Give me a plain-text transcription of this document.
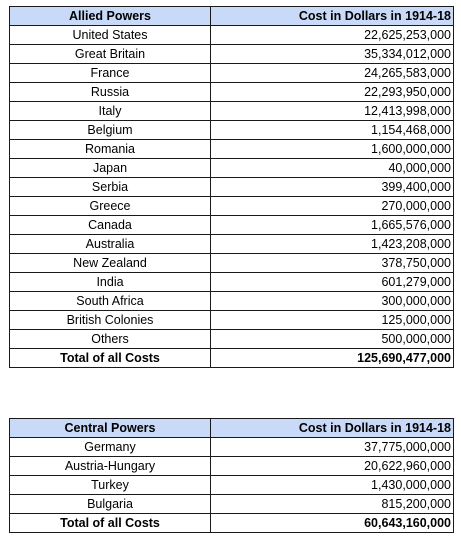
Allied Powers	Cost in Dollars in 1914-18
United States	22,625,253,000
Great Britain	35,334,012,000
France	24,265,583,000
Russia	22,293,950,000
Italy	12,413,998,000
Belgium	1,154,468,000
Romania	1,600,000,000
Japan	40,000,000
Serbia	399,400,000
Greece	270,000,000
Canada	1,665,576,000
Australia	1,423,208,000
New Zealand	378,750,000
India	601,279,000
South Africa	300,000,000
British Colonies	125,000,000
Others	500,000,000
Total of all Costs	125,690,477,000
Central Powers	Cost in Dollars in 1914-18
Germany	37,775,000,000
Austria-Hungary	20,622,960,000
Turkey	1,430,000,000
Bulgaria	815,200,000
Total of all Costs	60,643,160,000
